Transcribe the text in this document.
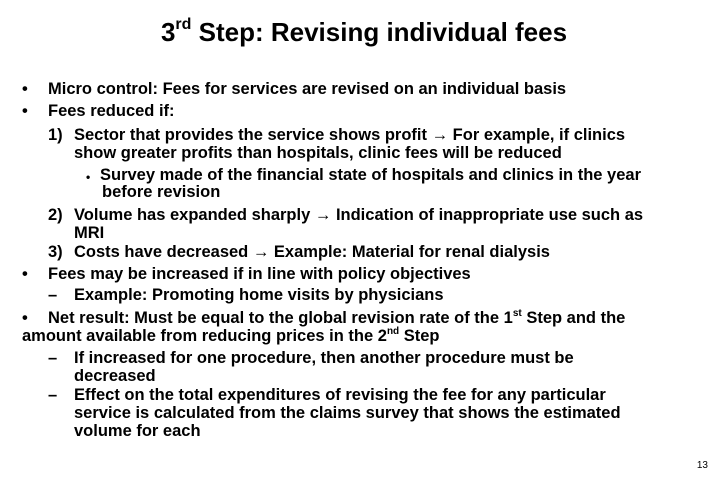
3rd Step: Revising individual fees
• Micro control: Fees for services are revised on an individual basis
• Fees reduced if:
1) Sector that provides the service shows profit → For example, if clinics
show greater profits than hospitals, clinic fees will be reduced
• Survey made of the financial state of hospitals and clinics in the year
before revision
2) Volume has expanded sharply → Indication of inappropriate use such as
MRI
3) Costs have decreased → Example: Material for renal dialysis
• Fees may be increased if in line with policy objectives
– Example: Promoting home visits by physicians
• Net result: Must be equal to the global revision rate of the 1st Step and the
amount available from reducing prices in the 2nd Step
– If increased for one procedure, then another procedure must be
decreased
– Effect on the total expenditures of revising the fee for any particular
service is calculated from the claims survey that shows the estimated
volume for each
13
